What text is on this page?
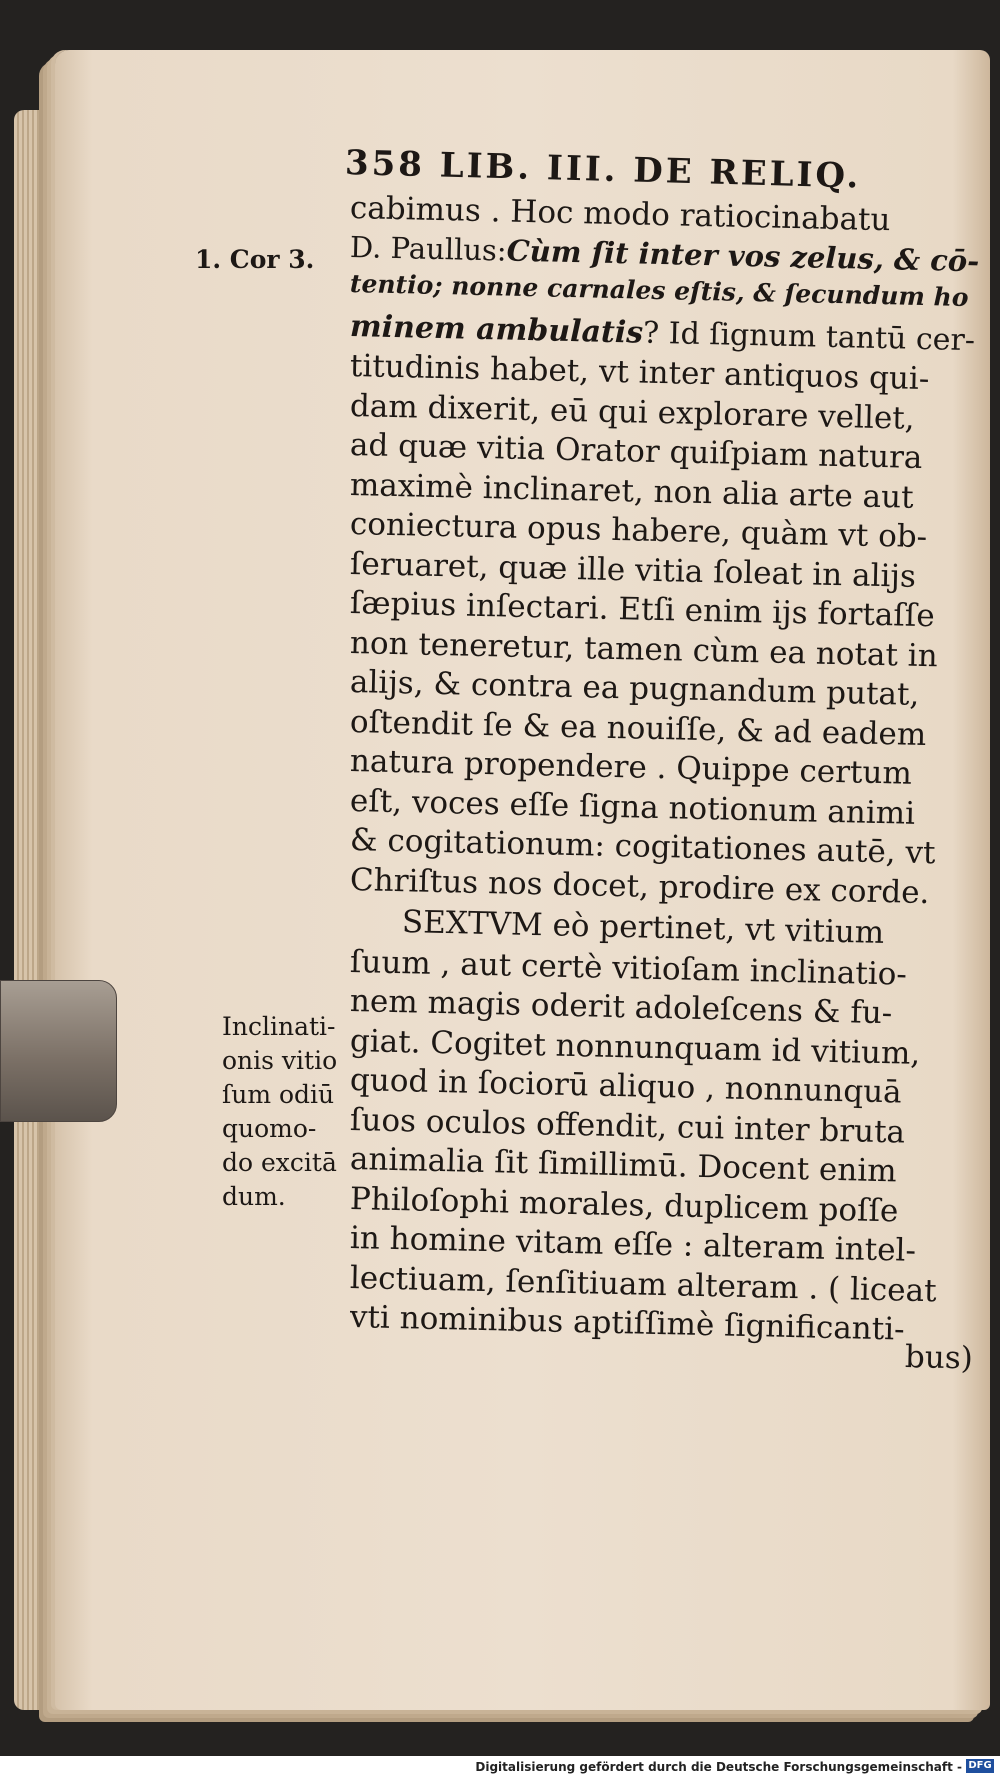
358 LIB. III. DE RELIQ.
1. Cor 3.
Inclinati-
onis vitio
ſum odiū
quomo-
do excitā
dum.
cabimus . Hoc modo ratiocinabatu
D. Paullus:Cùm ſit inter vos zelus, & cō-
tentio; nonne carnales eſtis, & ſecundum ho
minem ambulatis? Id ſignum tantū cer-
titudinis habet, vt inter antiquos qui-
dam dixerit, eū qui explorare vellet,
ad quæ vitia Orator quiſpiam natura
maximè inclinaret, non alia arte aut
coniectura opus habere, quàm vt ob-
ſeruaret, quæ ille vitia ſoleat in alijs
ſæpius inſectari. Etſi enim ijs fortaſſe
non teneretur, tamen cùm ea notat in
alijs, & contra ea pugnandum putat,
oſtendit ſe & ea nouiſſe, & ad eadem
natura propendere . Quippe certum
eſt, voces eſſe ſigna notionum animi
& cogitationum: cogitationes autē, vt
Chriſtus nos docet, prodire ex corde.
SEXTVM eò pertinet, vt vitium
ſuum , aut certè vitioſam inclinatio-
nem magis oderit adoleſcens & fu-
giat. Cogitet nonnunquam id vitium,
quod in ſociorū aliquo , nonnunquā
ſuos oculos offendit, cui inter bruta
animalia ſit ſimillimū. Docent enim
Philoſophi morales, duplicem poſſe
in homine vitam eſſe : alteram intel-
lectiuam, ſenſitiuam alteram . ( liceat
vti nominibus aptiſſimè ſignificanti-
bus)
Digitalisierung gefördert durch die Deutsche Forschungsgemeinschaft - DFG
